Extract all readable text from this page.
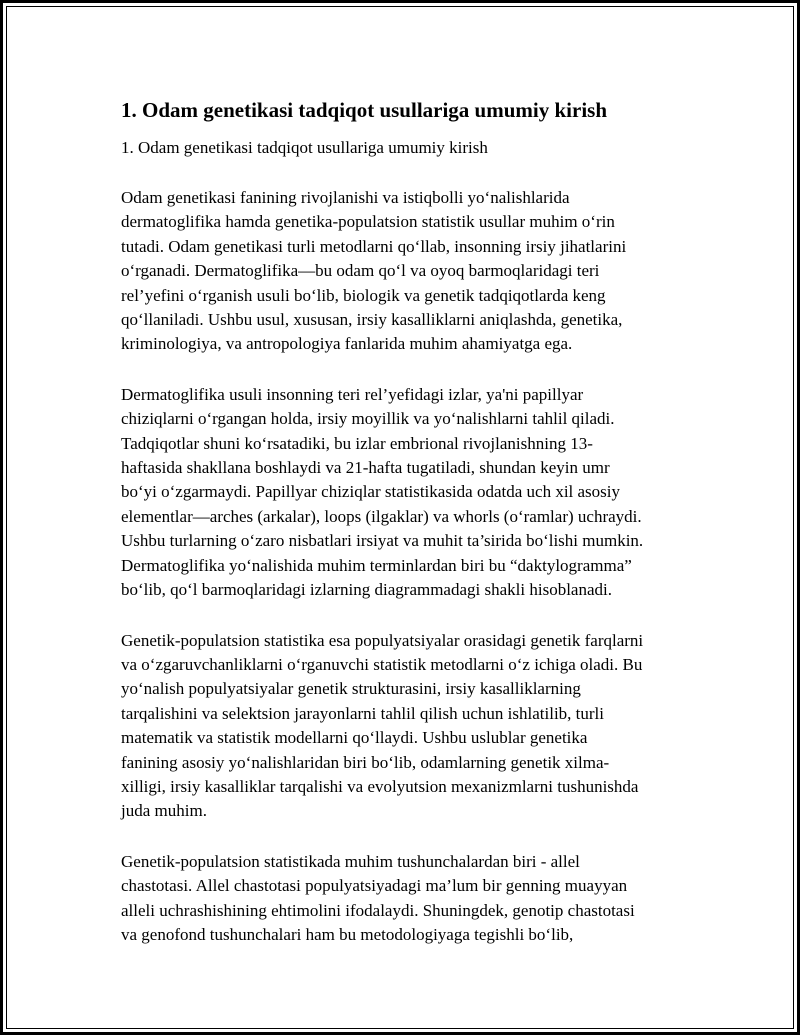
1. Odam genetikasi tadqiqot usullariga umumiy kirish

1. Odam genetikasi tadqiqot usullariga umumiy kirish

Odam genetikasi fanining rivojlanishi va istiqbolli yo‘nalishlarida
dermatoglifika hamda genetika-populatsion statistik usullar muhim o‘rin
tutadi. Odam genetikasi turli metodlarni qo‘llab, insonning irsiy jihatlarini
o‘rganadi. Dermatoglifika—bu odam qo‘l va oyoq barmoqlaridagi teri
rel’yefini o‘rganish usuli bo‘lib, biologik va genetik tadqiqotlarda keng
qo‘llaniladi. Ushbu usul, xususan, irsiy kasalliklarni aniqlashda, genetika,
kriminologiya, va antropologiya fanlarida muhim ahamiyatga ega.
Dermatoglifika usuli insonning teri rel’yefidagi izlar, ya'ni papillyar
chiziqlarni o‘rgangan holda, irsiy moyillik va yo‘nalishlarni tahlil qiladi.
Tadqiqotlar shuni ko‘rsatadiki, bu izlar embrional rivojlanishning 13-
haftasida shakllana boshlaydi va 21-hafta tugatiladi, shundan keyin umr
bo‘yi o‘zgarmaydi. Papillyar chiziqlar statistikasida odatda uch xil asosiy
elementlar—arches (arkalar), loops (ilgaklar) va whorls (o‘ramlar) uchraydi.
Ushbu turlarning o‘zaro nisbatlari irsiyat va muhit ta’sirida bo‘lishi mumkin.
Dermatoglifika yo‘nalishida muhim terminlardan biri bu “daktylogramma”
bo‘lib, qo‘l barmoqlaridagi izlarning diagrammadagi shakli hisoblanadi.
Genetik-populatsion statistika esa populyatsiyalar orasidagi genetik farqlarni
va o‘zgaruvchanliklarni o‘rganuvchi statistik metodlarni o‘z ichiga oladi. Bu
yo‘nalish populyatsiyalar genetik strukturasini, irsiy kasalliklarning
tarqalishini va selektsion jarayonlarni tahlil qilish uchun ishlatilib, turli
matematik va statistik modellarni qo‘llaydi. Ushbu uslublar genetika
fanining asosiy yo‘nalishlaridan biri bo‘lib, odamlarning genetik xilma-
xilligi, irsiy kasalliklar tarqalishi va evolyutsion mexanizmlarni tushunishda
juda muhim.
Genetik-populatsion statistikada muhim tushunchalardan biri - allel
chastotasi. Allel chastotasi populyatsiyadagi ma’lum bir genning muayyan
alleli uchrashishining ehtimolini ifodalaydi. Shuningdek, genotip chastotasi
va genofond tushunchalari ham bu metodologiyaga tegishli bo‘lib,
